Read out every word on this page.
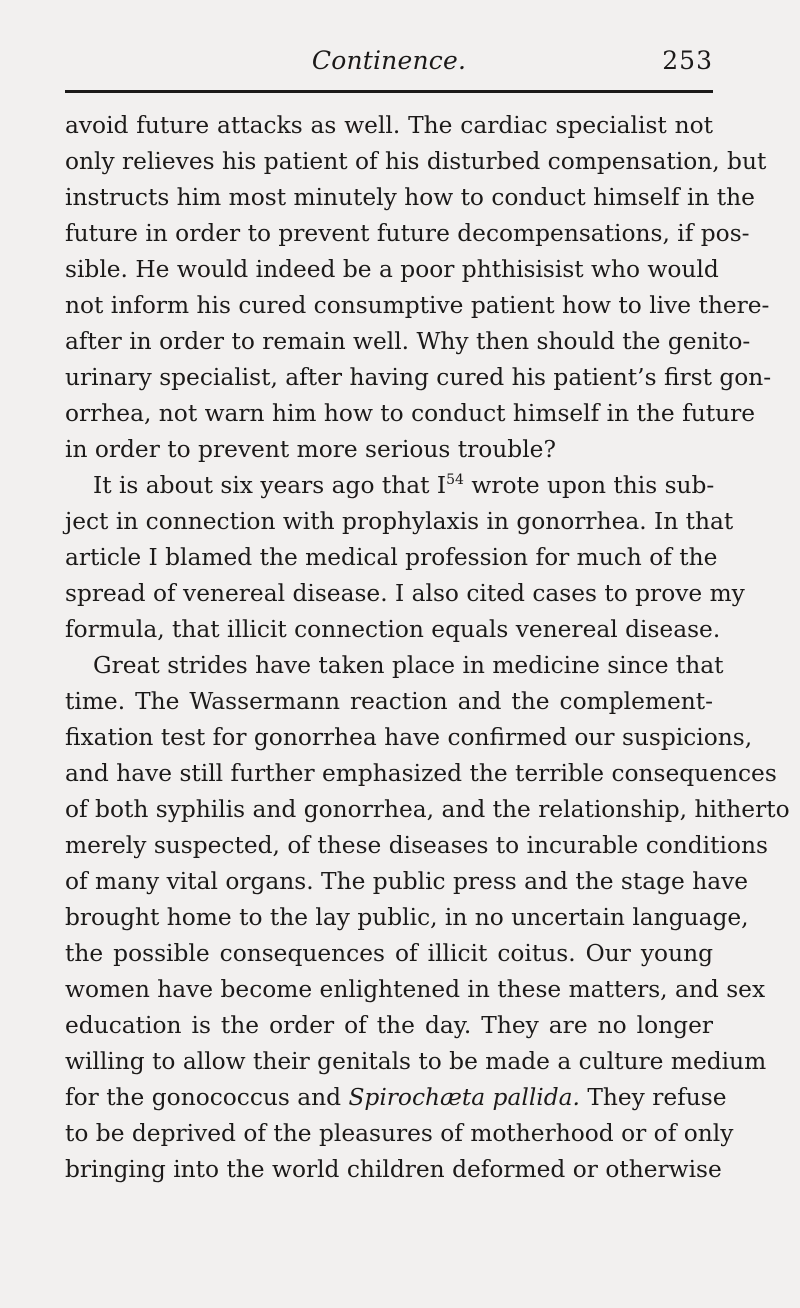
Continence.	253
avoid future attacks as well. The cardiac specialist not
only relieves his patient of his disturbed compensation, but
instructs him most minutely how to conduct himself in the
future in order to prevent future decompensations, if pos-
sible. He would indeed be a poor phthisisist who would
not inform his cured consumptive patient how to live there-
after in order to remain well. Why then should the genito-
urinary specialist, after having cured his patient’s first gon-
orrhea, not warn him how to conduct himself in the future
in order to prevent more serious trouble?
It is about six years ago that $I^{54}$ wrote upon this sub-
ject in connection with prophylaxis in gonorrhea. In that
article I blamed the medical profession for much of the
spread of venereal disease. I also cited cases to prove my
formula, that illicit connection equals venereal disease.
Great strides have taken place in medicine since that
time. The Wassermann reaction and the complement-
fixation test for gonorrhea have confirmed our suspicions,
and have still further emphasized the terrible consequences
of both syphilis and gonorrhea, and the relationship, hitherto
merely suspected, of these diseases to incurable conditions
of many vital organs. The public press and the stage have
brought home to the lay public, in no uncertain language,
the possible consequences of illicit coitus. Our young
women have become enlightened in these matters, and sex
education is the order of the day. They are no longer
willing to allow their genitals to be made a culture medium
for the gonococcus and Spirochæta pallida. They refuse
to be deprived of the pleasures of motherhood or of only
bringing into the world children deformed or otherwise
